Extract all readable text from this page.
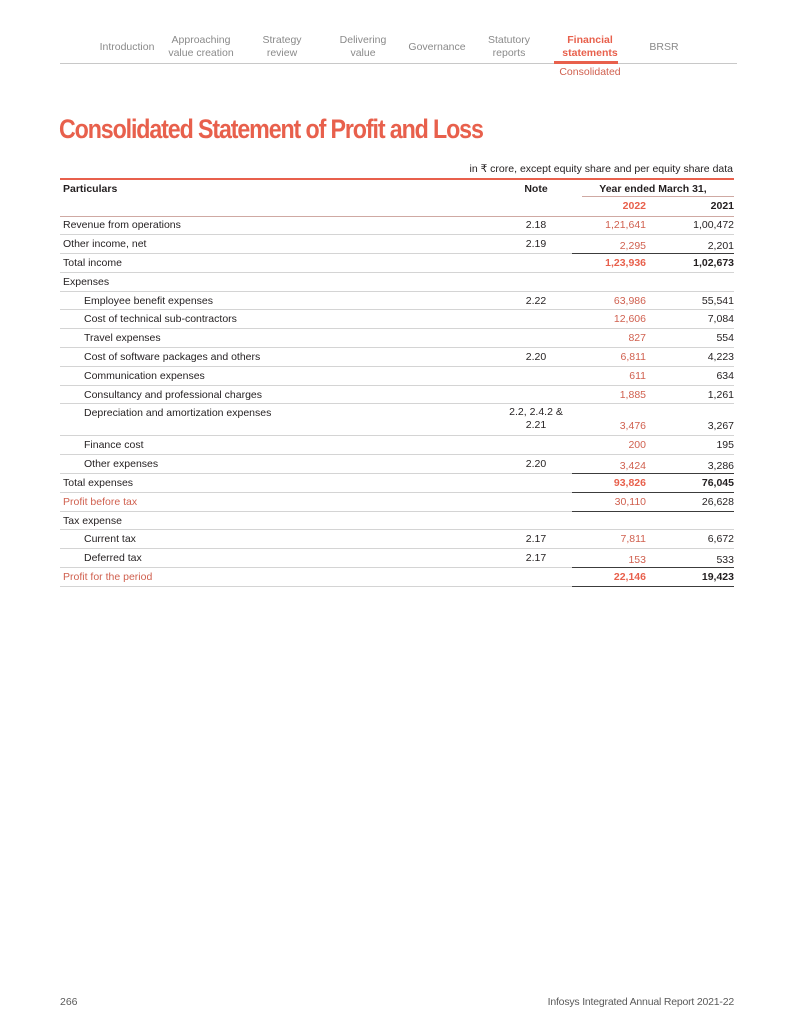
Introduction
Approaching
value creation
Strategy
review
Delivering
value	Governance
Statutory
reports
Financial
statements	BRSR
Consolidated
Consolidated Statement of Profit and Loss
in ₹ crore, except equity share and per equity share data
Particulars	Note	Year ended March 31,	

		2022	2021
Revenue from operations	2.18	1,21,641	1,00,472
Other income, net	2.19	2,295	2,201
Total income		1,23,936	1,02,673
Expenses			
Employee benefit expenses	2.22	63,986	55,541
Cost of technical sub-contractors		12,606	7,084
Travel expenses		827	554
Cost of software packages and others	2.20	6,811	4,223
Communication expenses		611	634
Consultancy and professional charges		1,885	1,261
Depreciation and amortization expenses	2.2, 2.4.2 &
2.21	3,476	3,267
Finance cost		200	195
Other expenses	2.20	3,424	3,286
Total expenses		93,826	76,045
Profit before tax		30,110	26,628
Tax expense			
Current tax	2.17	7,811	6,672
Deferred tax	2.17	153	533
Profit for the period		22,146	19,423
266	Infosys Integrated Annual Report 2021-22
